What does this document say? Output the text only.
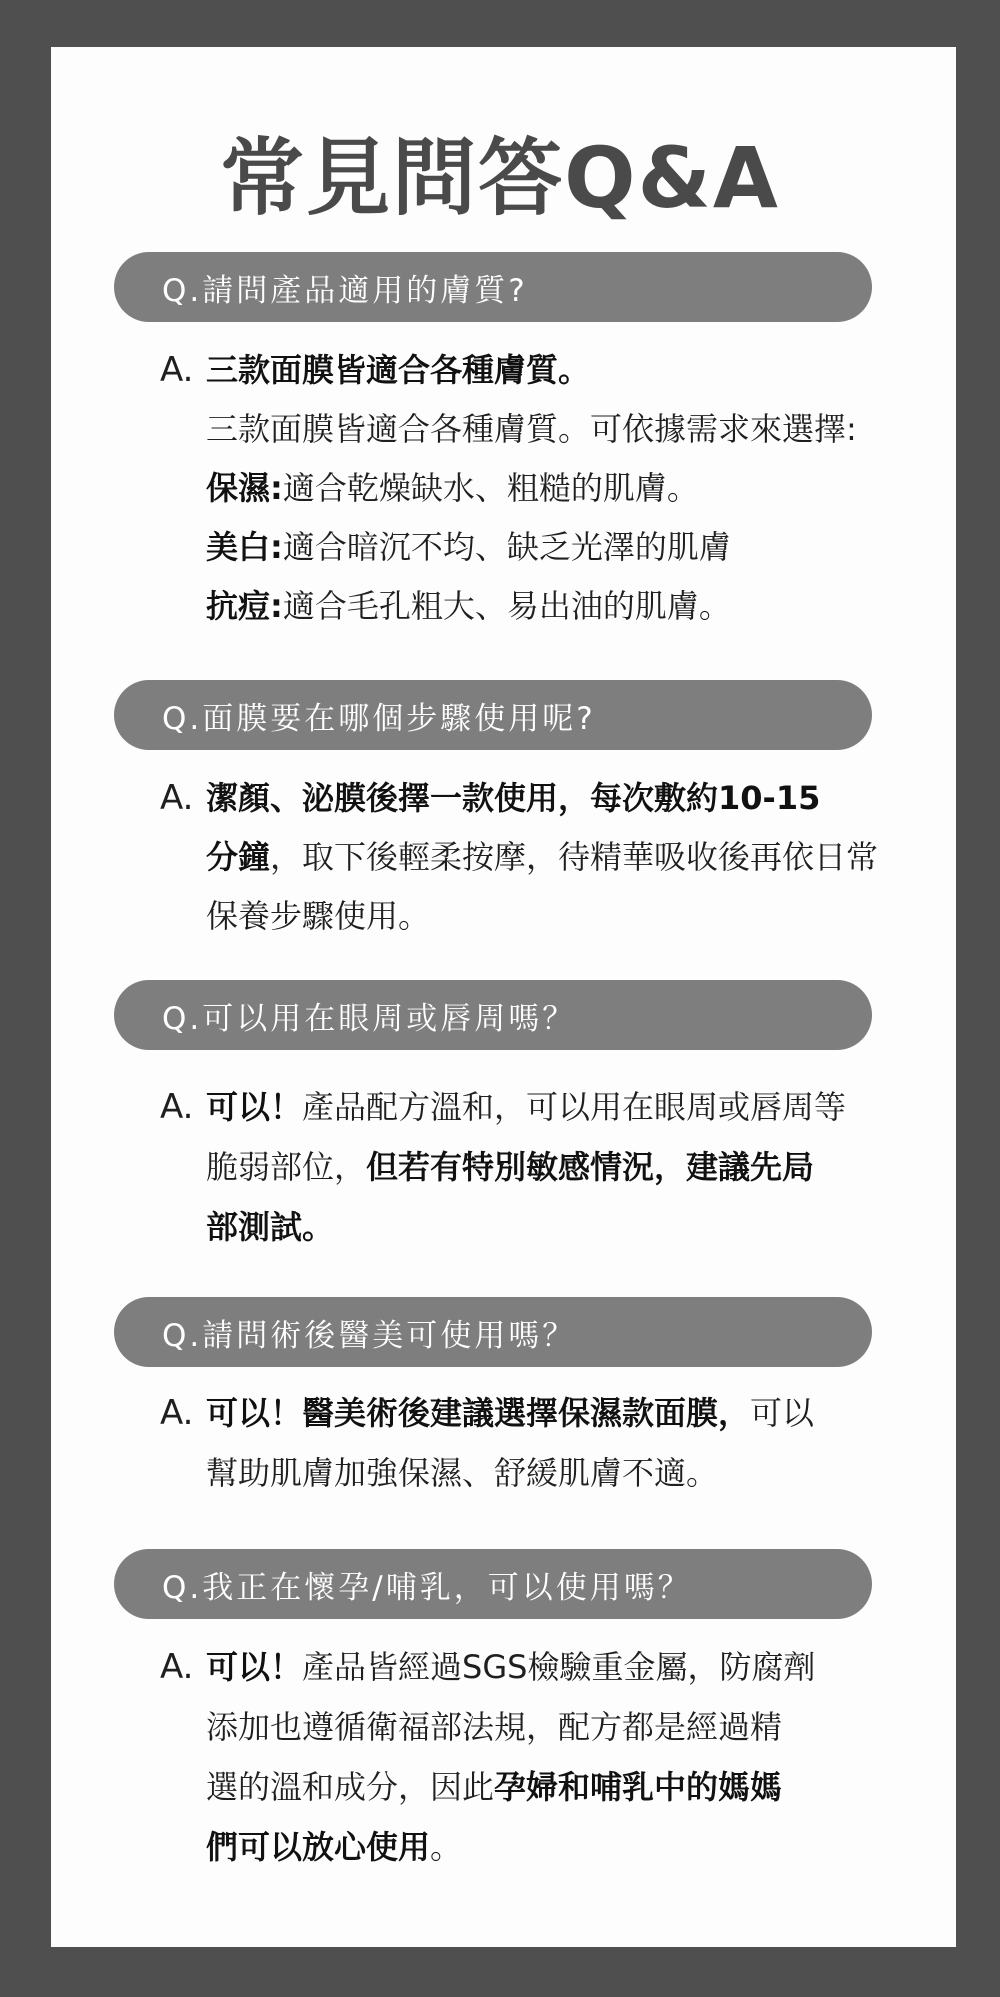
常見問答Q&A
Q.請問產品適用的膚質?
A. 三款面膜皆適合各種膚質。
三款面膜皆適合各種膚質。可依據需求來選擇:
保濕:適合乾燥缺水、粗糙的肌膚。
美白:適合暗沉不均、缺乏光澤的肌膚
抗痘:適合毛孔粗大、易出油的肌膚。
Q.面膜要在哪個步驟使用呢?
A. 潔顏、泌膜後擇一款使用，每次敷約10-15
分鐘，取下後輕柔按摩，待精華吸收後再依日常
保養步驟使用。
Q.可以用在眼周或唇周嗎？
A. 可以！產品配方溫和，可以用在眼周或唇周等
脆弱部位，但若有特別敏感情況，建議先局
部測試。
Q.請問術後醫美可使用嗎？
A. 可以！醫美術後建議選擇保濕款面膜，可以
幫助肌膚加強保濕、舒緩肌膚不適。
Q.我正在懷孕/哺乳，可以使用嗎？
A. 可以！產品皆經過SGS檢驗重金屬，防腐劑
添加也遵循衛福部法規，配方都是經過精
選的溫和成分，因此孕婦和哺乳中的媽媽
們可以放心使用。
